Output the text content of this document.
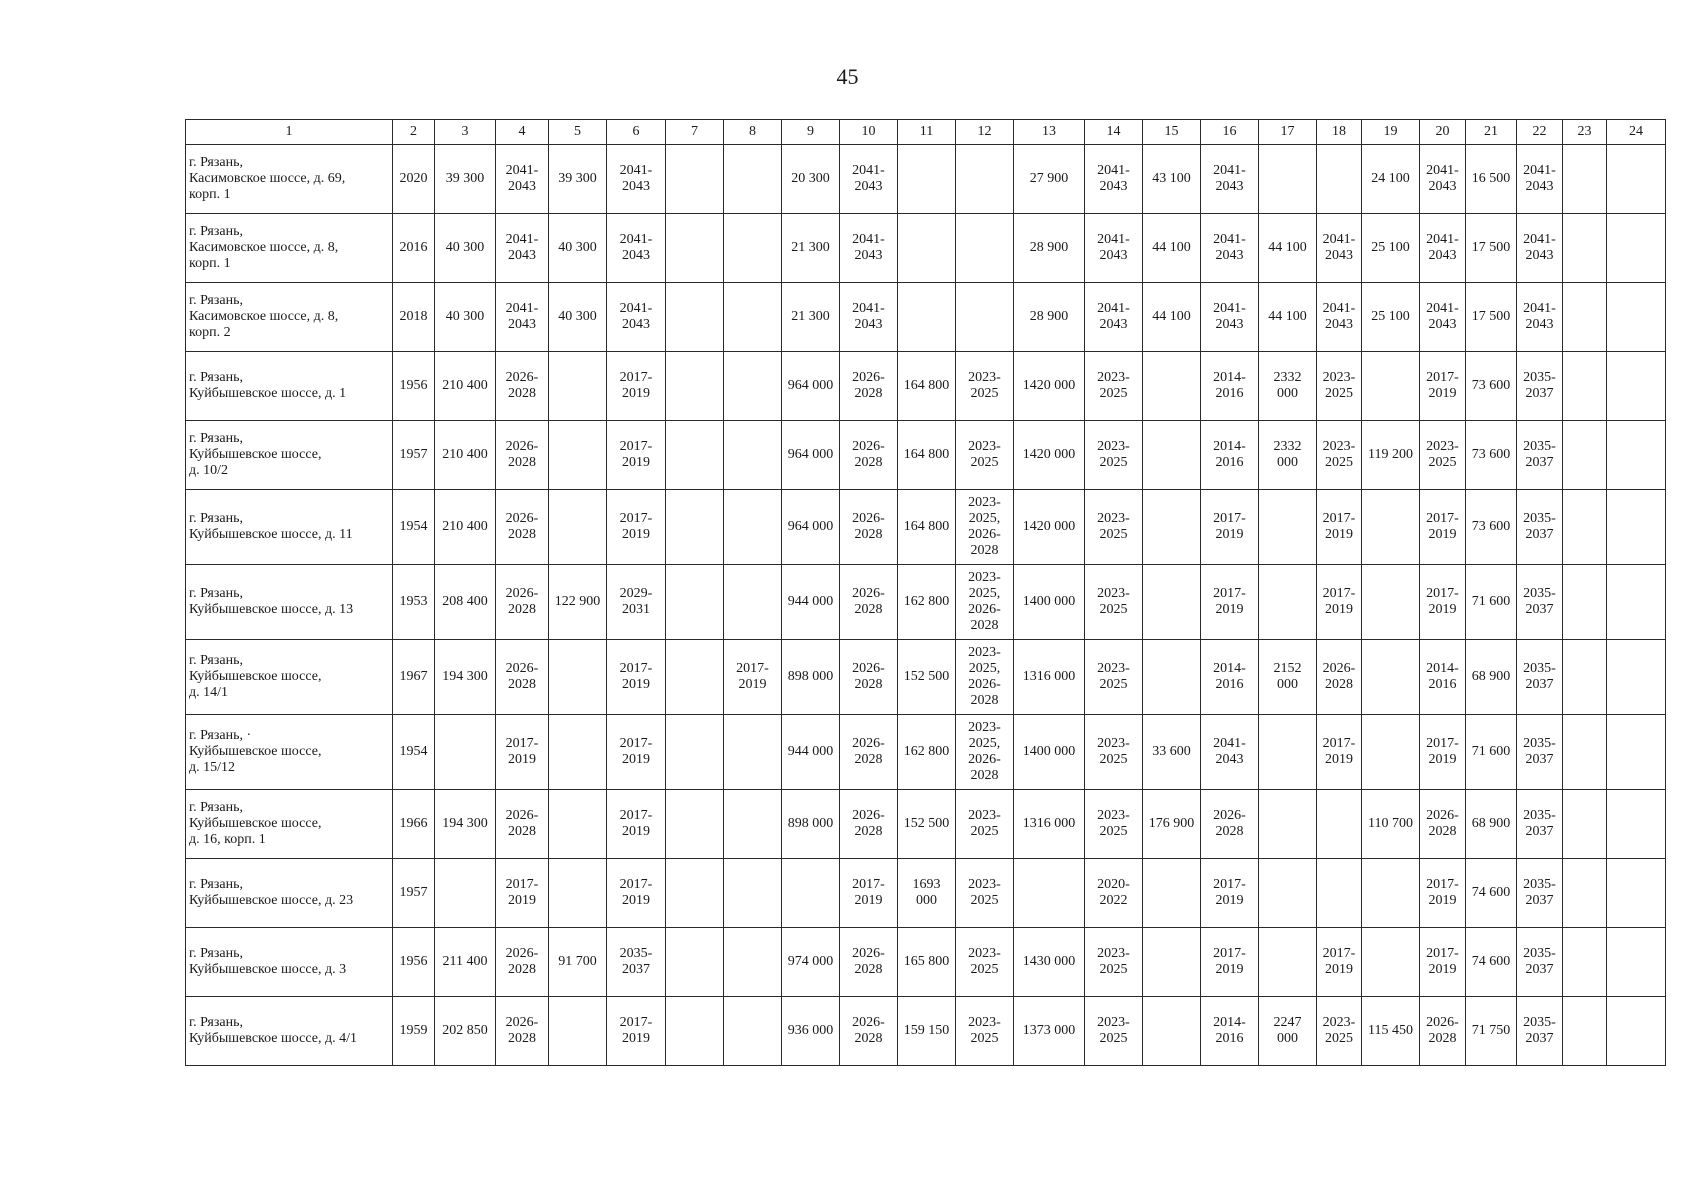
45
1	2	3	4	5	6	7	8	9	10	11	12	13	14	15	16	17	18	19	20	21	22	23	24
г. Рязань,
Касимовское шоссе, д. 69,
корп. 1	2020	39 300	2041-
2043	39 300	2041-
2043			20 300	2041-
2043			27 900	2041-
2043	43 100	2041-
2043			24 100	2041-
2043	16 500	2041-
2043		
г. Рязань,
Касимовское шоссе, д. 8,
корп. 1	2016	40 300	2041-
2043	40 300	2041-
2043			21 300	2041-
2043			28 900	2041-
2043	44 100	2041-
2043	44 100	2041-
2043	25 100	2041-
2043	17 500	2041-
2043		
г. Рязань,
Касимовское шоссе, д. 8,
корп. 2	2018	40 300	2041-
2043	40 300	2041-
2043			21 300	2041-
2043			28 900	2041-
2043	44 100	2041-
2043	44 100	2041-
2043	25 100	2041-
2043	17 500	2041-
2043		
г. Рязань,
Куйбышевское шоссе, д. 1	1956	210 400	2026-
2028		2017-
2019			964 000	2026-
2028	164 800	2023-
2025	1420 000	2023-
2025		2014-
2016	2332
000	2023-
2025		2017-
2019	73 600	2035-
2037		
г. Рязань,
Куйбышевское шоссе,
д. 10/2	1957	210 400	2026-
2028		2017-
2019			964 000	2026-
2028	164 800	2023-
2025	1420 000	2023-
2025		2014-
2016	2332
000	2023-
2025	119 200	2023-
2025	73 600	2035-
2037		
г. Рязань,
Куйбышевское шоссе, д. 11	1954	210 400	2026-
2028		2017-
2019			964 000	2026-
2028	164 800	2023-
2025,
2026-
2028	1420 000	2023-
2025		2017-
2019		2017-
2019		2017-
2019	73 600	2035-
2037		
г. Рязань,
Куйбышевское шоссе, д. 13	1953	208 400	2026-
2028	122 900	2029-
2031			944 000	2026-
2028	162 800	2023-
2025,
2026-
2028	1400 000	2023-
2025		2017-
2019		2017-
2019		2017-
2019	71 600	2035-
2037		
г. Рязань,
Куйбышевское шоссе,
д. 14/1	1967	194 300	2026-
2028		2017-
2019		2017-
2019	898 000	2026-
2028	152 500	2023-
2025,
2026-
2028	1316 000	2023-
2025		2014-
2016	2152
000	2026-
2028		2014-
2016	68 900	2035-
2037		
г. Рязань, ·
Куйбышевское шоссе,
д. 15/12	1954		2017-
2019		2017-
2019			944 000	2026-
2028	162 800	2023-
2025,
2026-
2028	1400 000	2023-
2025	33 600	2041-
2043		2017-
2019		2017-
2019	71 600	2035-
2037		
г. Рязань,
Куйбышевское шоссе,
д. 16, корп. 1	1966	194 300	2026-
2028		2017-
2019			898 000	2026-
2028	152 500	2023-
2025	1316 000	2023-
2025	176 900	2026-
2028			110 700	2026-
2028	68 900	2035-
2037		
г. Рязань,
Куйбышевское шоссе, д. 23	1957		2017-
2019		2017-
2019				2017-
2019	1693
000	2023-
2025		2020-
2022		2017-
2019				2017-
2019	74 600	2035-
2037		
г. Рязань,
Куйбышевское шоссе, д. 3	1956	211 400	2026-
2028	91 700	2035-
2037			974 000	2026-
2028	165 800	2023-
2025	1430 000	2023-
2025		2017-
2019		2017-
2019		2017-
2019	74 600	2035-
2037		
г. Рязань,
Куйбышевское шоссе, д. 4/1	1959	202 850	2026-
2028		2017-
2019			936 000	2026-
2028	159 150	2023-
2025	1373 000	2023-
2025		2014-
2016	2247
000	2023-
2025	115 450	2026-
2028	71 750	2035-
2037		
